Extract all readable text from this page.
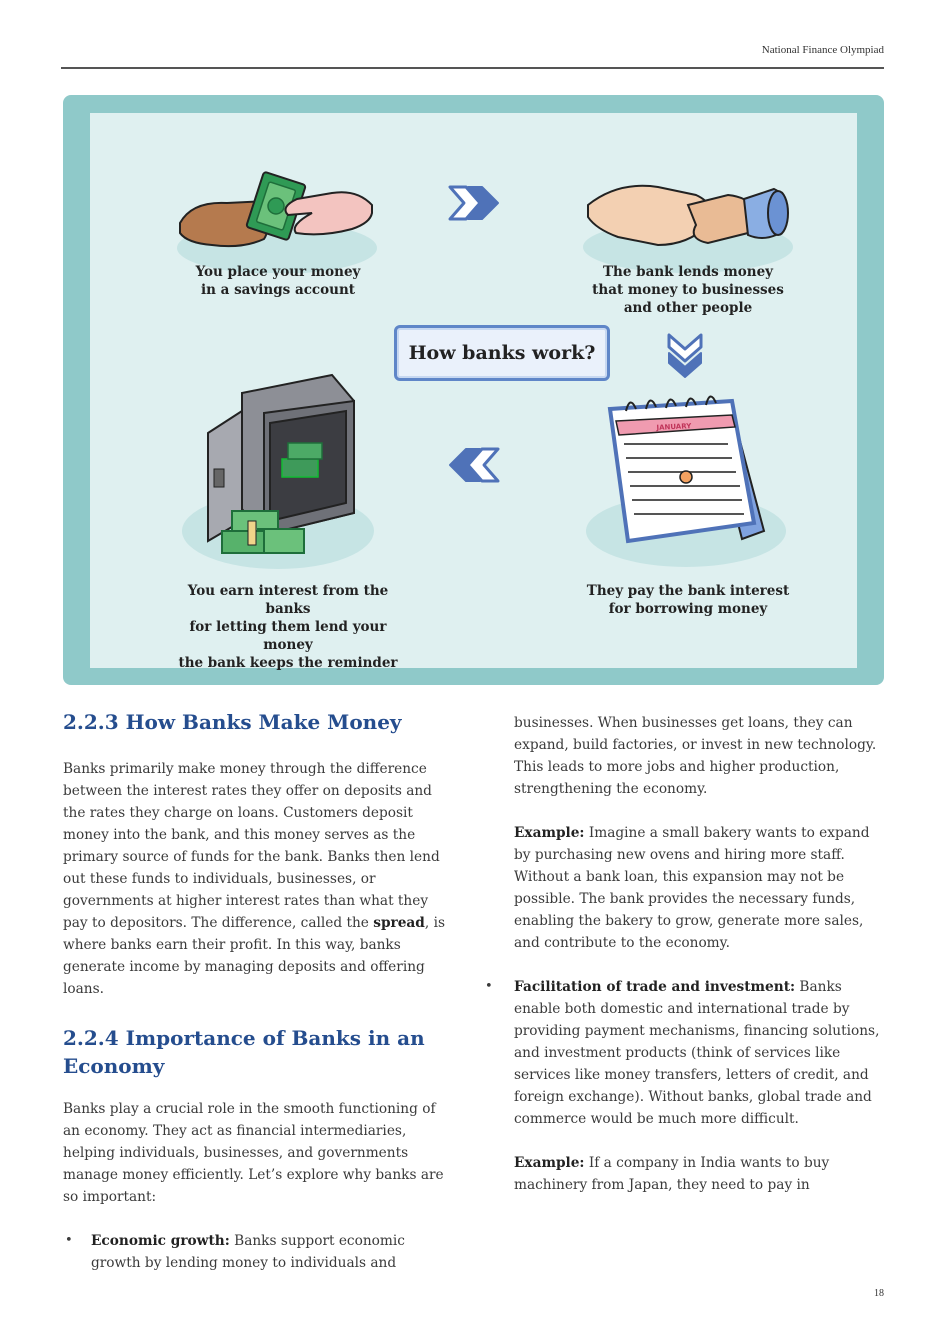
National Finance Olympiad
You place your money
in a savings account
The bank lends money
that money to businesses
and other people
How banks work?
You earn interest from the banks
for letting them lend your money
the bank keeps the reminder
JANUARY
They pay the bank interest
for borrowing money
2.2.3 How Banks Make Money

Banks primarily make money through the difference between the interest rates they offer on deposits and the rates they charge on loans. Customers deposit money into the bank, and this money serves as the primary source of funds for the bank. Banks then lend out these funds to individuals, businesses, or governments at higher interest rates than what they pay to depositors. The difference, called the spread, is where banks earn their profit. In this way, banks generate income by managing deposits and offering loans.

2.2.4 Importance of Banks in an Economy

Banks play a crucial role in the smooth functioning of an economy. They act as financial intermediaries, helping individuals, businesses, and governments manage money efficiently. Let’s explore why banks are so important:

• Economic growth: Banks support economic growth by lending money to individuals and

businesses. When businesses get loans, they can expand, build factories, or invest in new technology. This leads to more jobs and higher production, strengthening the economy.

Example: Imagine a small bakery wants to expand by purchasing new ovens and hiring more staff. Without a bank loan, this expansion may not be possible. The bank provides the necessary funds, enabling the bakery to grow, generate more sales, and contribute to the economy.

• Facilitation of trade and investment: Banks enable both domestic and international trade by providing payment mechanisms, financing solutions, and investment products (think of services like services like money transfers, letters of credit, and foreign exchange). Without banks, global trade and commerce would be much more difficult.

Example: If a company in India wants to buy machinery from Japan, they need to pay in

18
